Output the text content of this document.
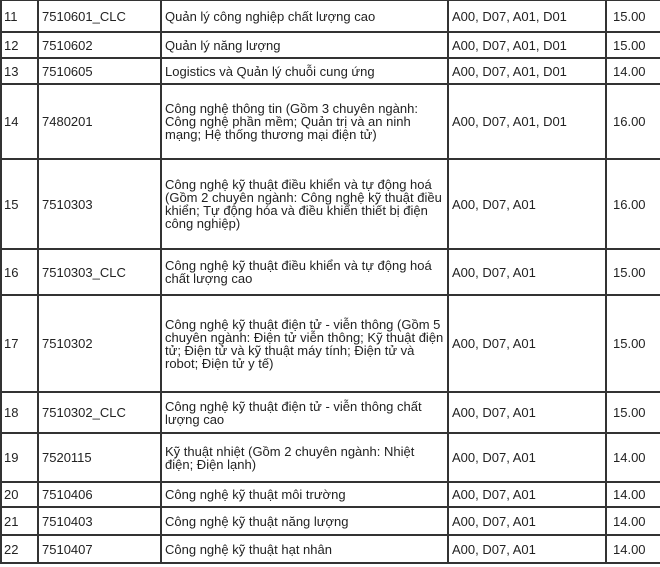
11	7510601_CLC	Quản lý công nghiệp chất lượng cao	A00, D07, A01, D01	15.00
12	7510602	Quản lý năng lượng	A00, D07, A01, D01	15.00
13	7510605	Logistics và Quản lý chuỗi cung ứng	A00, D07, A01, D01	14.00
14	7480201	Công nghệ thông tin (Gồm 3 chuyên ngành: Công nghệ phần mềm; Quản trị và an ninh mạng; Hệ thống thương mại điện tử)	A00, D07, A01, D01	16.00
15	7510303	Công nghệ kỹ thuật điều khiển và tự động hoá (Gồm 2 chuyên ngành: Công nghệ kỹ thuật điều khiển; Tự động hóa và điều khiển thiết bị điện công nghiệp)	A00, D07, A01	16.00
16	7510303_CLC	Công nghệ kỹ thuật điều khiển và tự động hoá chất lượng cao	A00, D07, A01	15.00
17	7510302	Công nghệ kỹ thuật điện tử - viễn thông (Gồm 5 chuyên ngành: Điện tử viễn thông; Kỹ thuật điện tử; Điện tử và kỹ thuật máy tính; Điện tử và robot; Điện tử y tế)	A00, D07, A01	15.00
18	7510302_CLC	Công nghệ kỹ thuật điện tử - viễn thông chất lượng cao	A00, D07, A01	15.00
19	7520115	Kỹ thuật nhiệt (Gồm 2 chuyên ngành: Nhiệt điện; Điện lạnh)	A00, D07, A01	14.00
20	7510406	Công nghệ kỹ thuật môi trường	A00, D07, A01	14.00
21	7510403	Công nghệ kỹ thuật năng lượng	A00, D07, A01	14.00
22	7510407	Công nghệ kỹ thuật hạt nhân	A00, D07, A01	14.00
